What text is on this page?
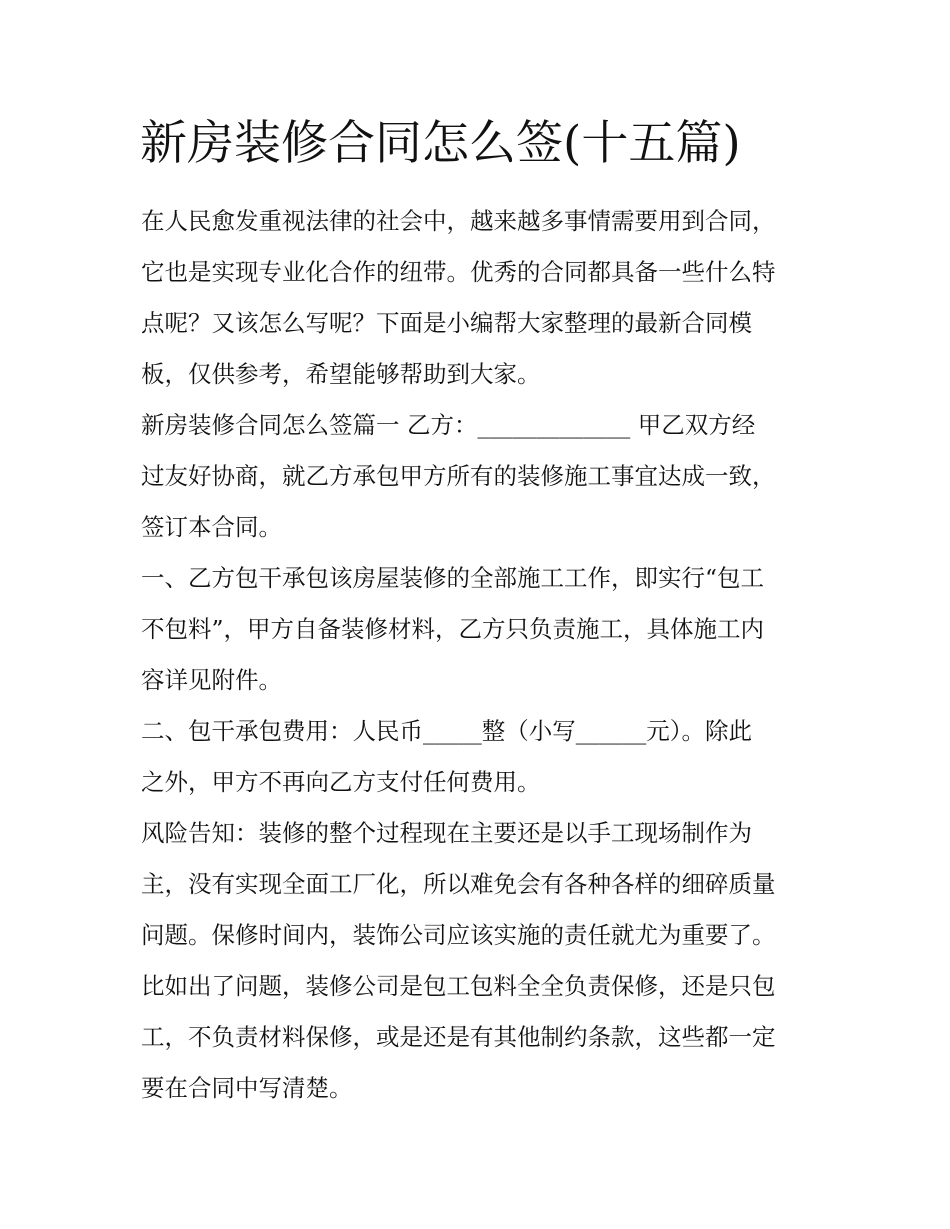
新房装修合同怎么签(十五篇)

在人民愈发重视法律的社会中，越来越多事情需要用到合同，

它也是实现专业化合作的纽带。优秀的合同都具备一些什么特

点呢？又该怎么写呢？下面是小编帮大家整理的最新合同模

板，仅供参考，希望能够帮助到大家。

新房装修合同怎么签篇一 乙方：_____________ 甲乙双方经

过友好协商，就乙方承包甲方所有的装修施工事宜达成一致，

签订本合同。

一、乙方包干承包该房屋装修的全部施工工作，即实行“包工

不包料”，甲方自备装修材料，乙方只负责施工，具体施工内

容详见附件。

二、包干承包费用：人民币_____整（小写______元）。除此

之外，甲方不再向乙方支付任何费用。

风险告知：装修的整个过程现在主要还是以手工现场制作为

主，没有实现全面工厂化，所以难免会有各种各样的细碎质量

问题。保修时间内，装饰公司应该实施的责任就尤为重要了。

比如出了问题，装修公司是包工包料全全负责保修，还是只包

工，不负责材料保修，或是还是有其他制约条款，这些都一定

要在合同中写清楚。
